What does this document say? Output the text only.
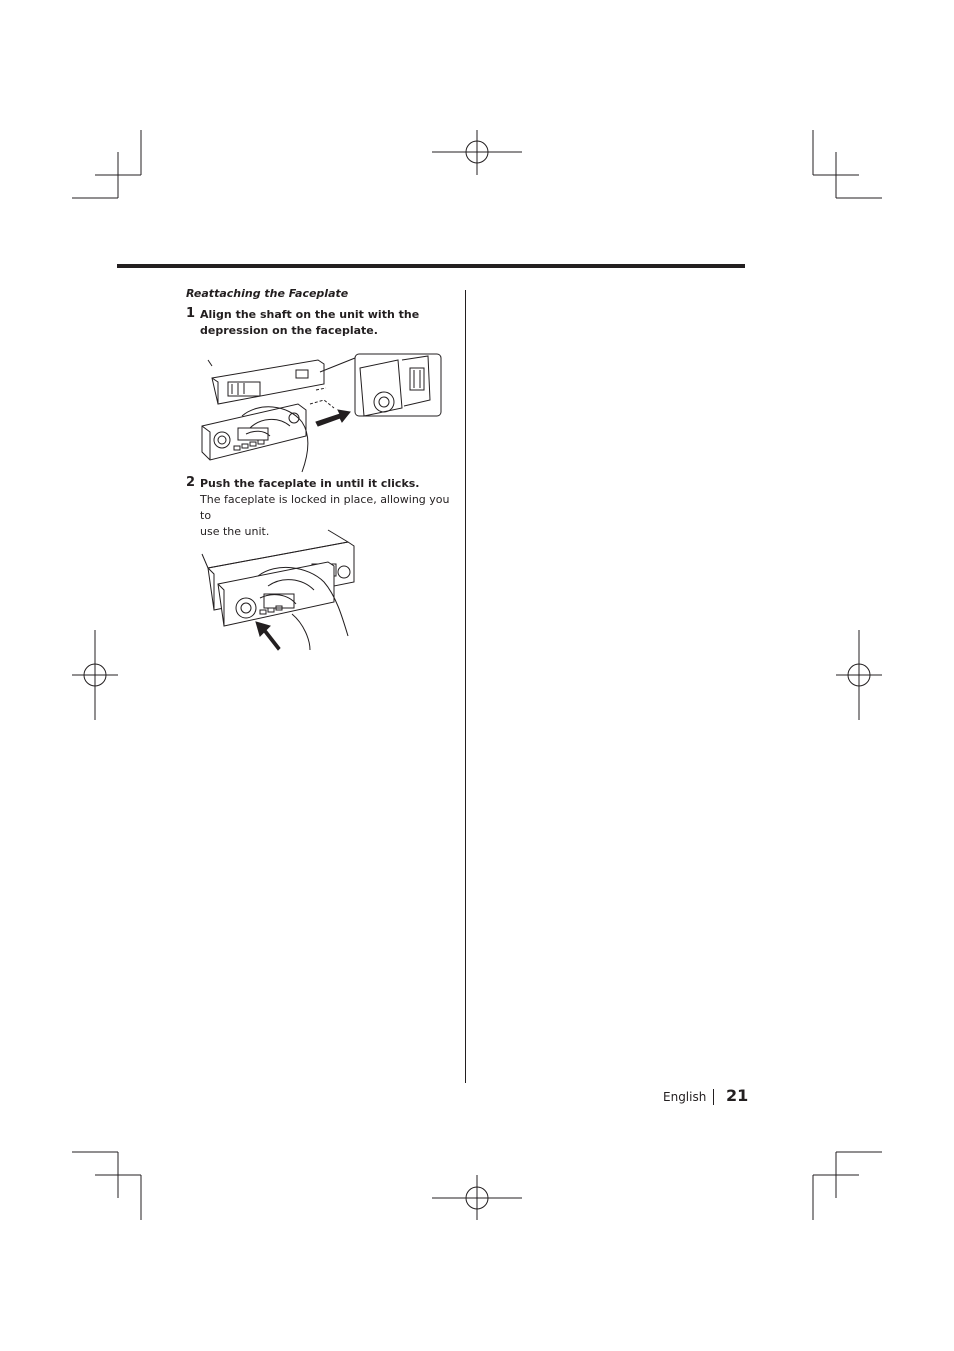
Reattaching the Faceplate
1 Align the shaft on the unit with the
depression on the faceplate.
2 Push the faceplate in until it clicks.
The faceplate is locked in place, allowing you to
use the unit.
English 21
